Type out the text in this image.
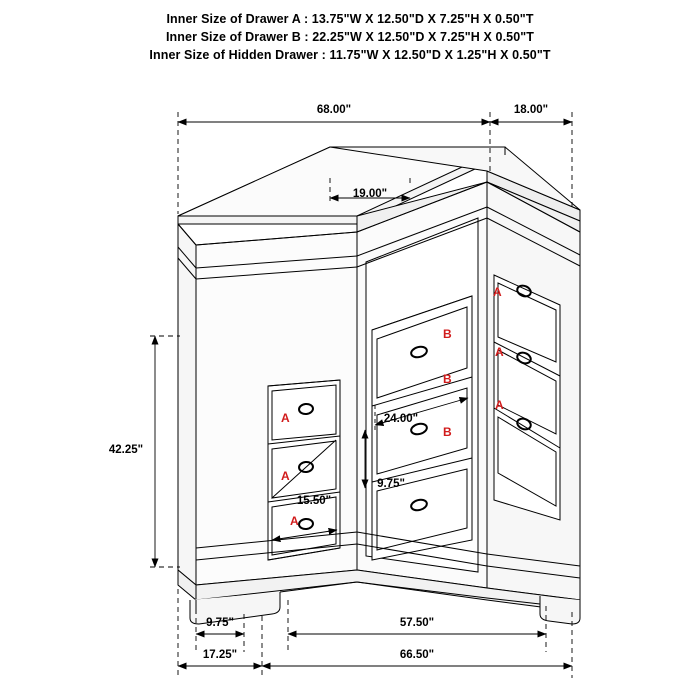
Inner Size of Drawer A : 13.75"W X 12.50"D X 7.25"H X 0.50"T
Inner Size of Drawer B : 22.25"W X 12.50"D X 7.25"H X 0.50"T
Inner Size of Hidden Drawer : 11.75"W X 12.50"D X 1.25"H X 0.50"T
68.00"	18.00"
19.00"
42.25"
24.00"
15.50"
9.75"
9.75"	57.50"
17.25"	66.50"
A
A
A
B
B
B
A
A
A
